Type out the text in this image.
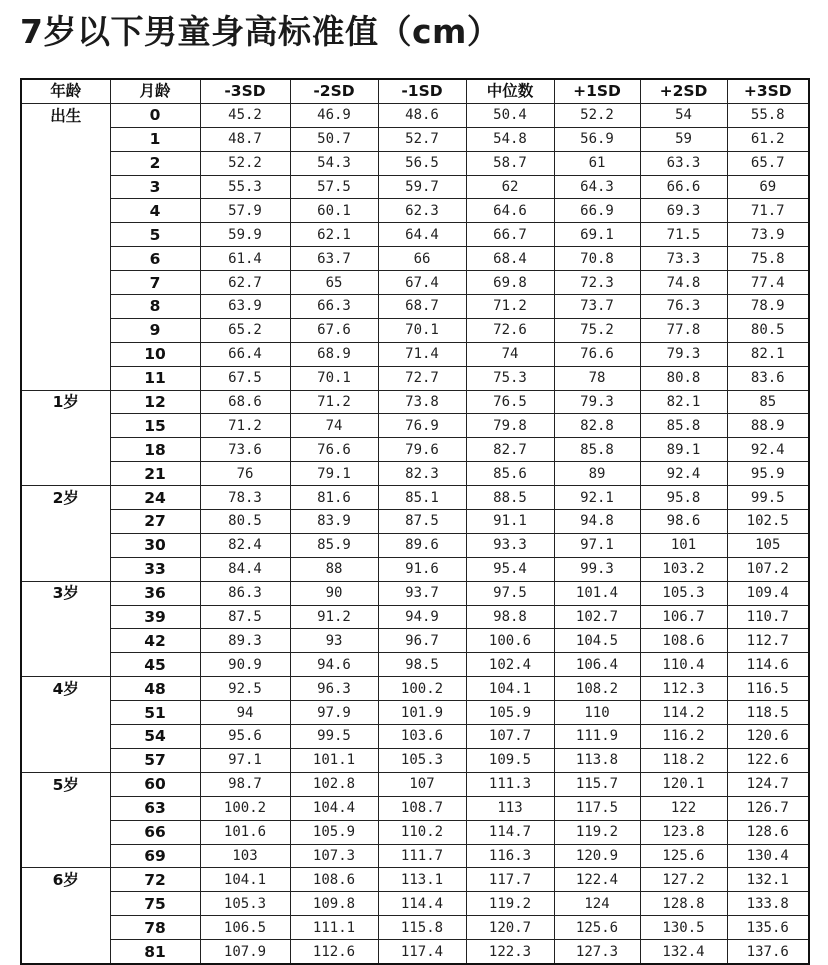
7岁以下男童身高标准值（cm）
年龄	月龄	-3SD	-2SD	-1SD	中位数	+1SD	+2SD	+3SD
出生	0	45.2	46.9	48.6	50.4	52.2	54	55.8
	1	48.7	50.7	52.7	54.8	56.9	59	61.2
	2	52.2	54.3	56.5	58.7	61	63.3	65.7
	3	55.3	57.5	59.7	62	64.3	66.6	69
	4	57.9	60.1	62.3	64.6	66.9	69.3	71.7
	5	59.9	62.1	64.4	66.7	69.1	71.5	73.9
	6	61.4	63.7	66	68.4	70.8	73.3	75.8
	7	62.7	65	67.4	69.8	72.3	74.8	77.4
	8	63.9	66.3	68.7	71.2	73.7	76.3	78.9
	9	65.2	67.6	70.1	72.6	75.2	77.8	80.5
	10	66.4	68.9	71.4	74	76.6	79.3	82.1
	11	67.5	70.1	72.7	75.3	78	80.8	83.6
1岁	12	68.6	71.2	73.8	76.5	79.3	82.1	85
	15	71.2	74	76.9	79.8	82.8	85.8	88.9
	18	73.6	76.6	79.6	82.7	85.8	89.1	92.4
	21	76	79.1	82.3	85.6	89	92.4	95.9
2岁	24	78.3	81.6	85.1	88.5	92.1	95.8	99.5
	27	80.5	83.9	87.5	91.1	94.8	98.6	102.5
	30	82.4	85.9	89.6	93.3	97.1	101	105
	33	84.4	88	91.6	95.4	99.3	103.2	107.2
3岁	36	86.3	90	93.7	97.5	101.4	105.3	109.4
	39	87.5	91.2	94.9	98.8	102.7	106.7	110.7
	42	89.3	93	96.7	100.6	104.5	108.6	112.7
	45	90.9	94.6	98.5	102.4	106.4	110.4	114.6
4岁	48	92.5	96.3	100.2	104.1	108.2	112.3	116.5
	51	94	97.9	101.9	105.9	110	114.2	118.5
	54	95.6	99.5	103.6	107.7	111.9	116.2	120.6
	57	97.1	101.1	105.3	109.5	113.8	118.2	122.6
5岁	60	98.7	102.8	107	111.3	115.7	120.1	124.7
	63	100.2	104.4	108.7	113	117.5	122	126.7
	66	101.6	105.9	110.2	114.7	119.2	123.8	128.6
	69	103	107.3	111.7	116.3	120.9	125.6	130.4
6岁	72	104.1	108.6	113.1	117.7	122.4	127.2	132.1
	75	105.3	109.8	114.4	119.2	124	128.8	133.8
	78	106.5	111.1	115.8	120.7	125.6	130.5	135.6
	81	107.9	112.6	117.4	122.3	127.3	132.4	137.6
